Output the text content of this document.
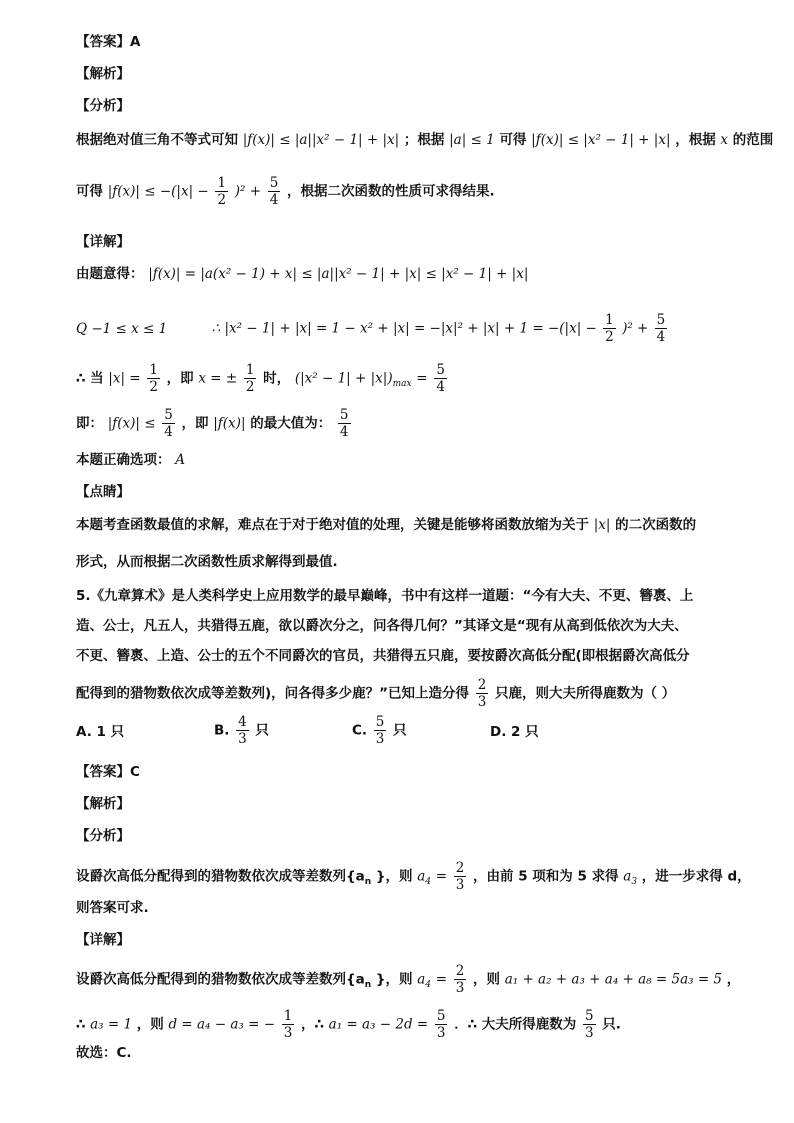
【答案】A
【解析】
【分析】
根据绝对值三角不等式可知 |f(x)| ≤ |a||x² − 1| + |x| ；根据 |a| ≤ 1 可得 |f(x)| ≤ |x² − 1| + |x| ，根据 x 的范围
可得 $|f(x)| \le -(|x| - \frac{1}{2} )^2 + \frac{5}{4}$ ，根据二次函数的性质可求得结果.
【详解】
由题意得： |f(x)| = |a(x² − 1) + x| ≤ |a||x² − 1| + |x| ≤ |x² − 1| + |x|
Q −1 ≤ x ≤ 1	∴ $|x^2 - 1| + |x| = 1 - x^2 + |x| = -|x|^2 + |x| + 1 = -(|x| - \frac{1}{2} )^2 + \frac{5}{4}$
∴ 当 $|x| = \frac{1}{2}$ ，即 x = ± $\frac{1}{2}$ 时， $(|x^2 - 1| + |x|)_{max} = \frac{5}{4}$
即： $|f(x)| \le \frac{5}{4}$ ，即 |f(x)| 的最大值为： $\frac{5}{4}$
本题正确选项： A
【点睛】
本题考查函数最值的求解，难点在于对于绝对值的处理，关键是能够将函数放缩为关于 |x| 的二次函数的
形式，从而根据二次函数性质求解得到最值.
5.《九章算术》是人类科学史上应用数学的最早巅峰，书中有这样一道题：“今有大夫、不更、簪褭、上
造、公士，凡五人，共猎得五鹿，欲以爵次分之，问各得几何？”其译文是“现有从高到低依次为大夫、
不更、簪褭、上造、公士的五个不同爵次的官员，共猎得五只鹿，要按爵次高低分配(即根据爵次高低分
配得到的猎物数依次成等差数列)，问各得多少鹿？”已知上造分得 $\frac{2}{3}$ 只鹿，则大夫所得鹿数为（ ）
A. 1 只	B. $\frac{4}{3}$ 只	C. $\frac{5}{3}$ 只	D. 2 只
【答案】C
【解析】
【分析】
设爵次高低分配得到的猎物数依次成等差数列{$a_n$ }，则 $a_4 = \frac{2}{3}$ ，由前 5 项和为 5 求得 $a_3$ ，进一步求得 d，
则答案可求.
【详解】
设爵次高低分配得到的猎物数依次成等差数列{$a_n$ }，则 $a_4 = \frac{2}{3}$ ，则 a₁ + a₂ + a₃ + a₄ + a₈ = 5a₃ = 5 ，
∴ a₃ = 1 ，则 d = a₄ − a₃ = − $\frac{1}{3}$ ，∴ $a_1 = a_3 - 2d = \frac{5}{3}$ ．∴ 大夫所得鹿数为 $\frac{5}{3}$ 只.
故选：C.
